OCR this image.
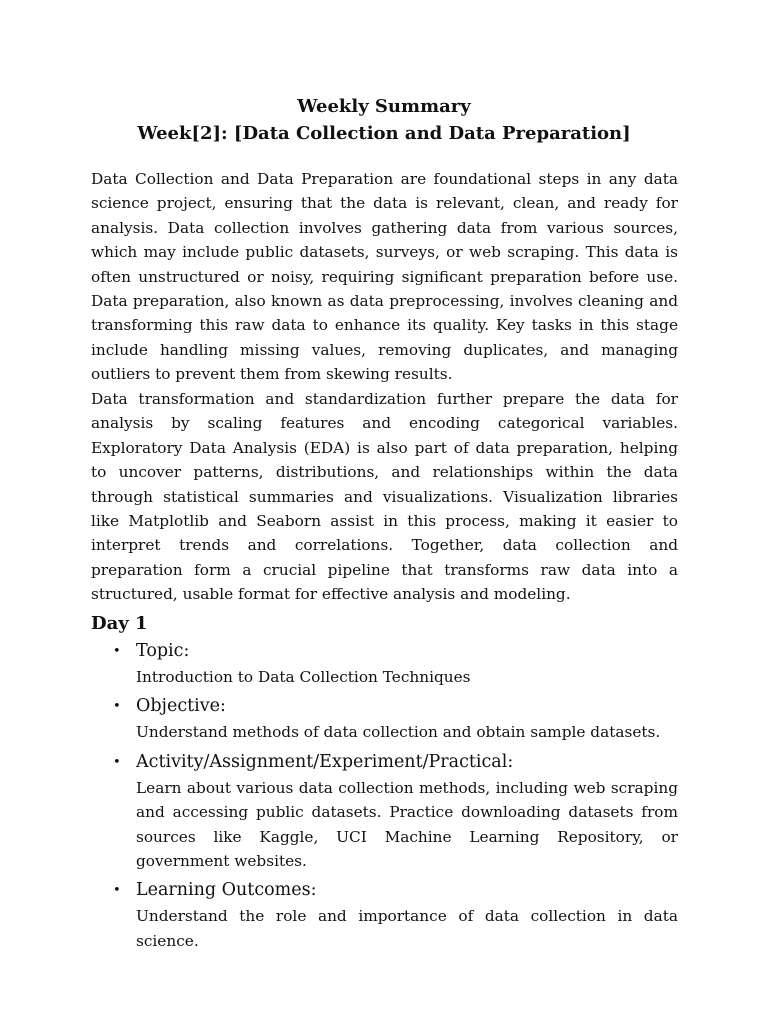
Weekly Summary
Week[2]: [Data Collection and Data Preparation]

Data Collection and Data Preparation are foundational steps in any data science project, ensuring that the data is relevant, clean, and ready for analysis. Data collection involves gathering data from various sources, which may include public datasets, surveys, or web scraping. This data is often unstructured or noisy, requiring significant preparation before use. Data preparation, also known as data preprocessing, involves cleaning and transforming this raw data to enhance its quality. Key tasks in this stage include handling missing values, removing duplicates, and managing outliers to prevent them from skewing results.

Data transformation and standardization further prepare the data for analysis by scaling features and encoding categorical variables. Exploratory Data Analysis (EDA) is also part of data preparation, helping to uncover patterns, distributions, and relationships within the data through statistical summaries and visualizations. Visualization libraries like Matplotlib and Seaborn assist in this process, making it easier to interpret trends and correlations. Together, data collection and preparation form a crucial pipeline that transforms raw data into a structured, usable format for effective analysis and modeling.

Day 1
• Topic:
Introduction to Data Collection Techniques
• Objective:
Understand methods of data collection and obtain sample datasets.
• Activity/Assignment/Experiment/Practical:
Learn about various data collection methods, including web scraping and accessing public datasets. Practice downloading datasets from sources like Kaggle, UCI Machine Learning Repository, or government websites.
• Learning Outcomes:
Understand the role and importance of data collection in data science.
